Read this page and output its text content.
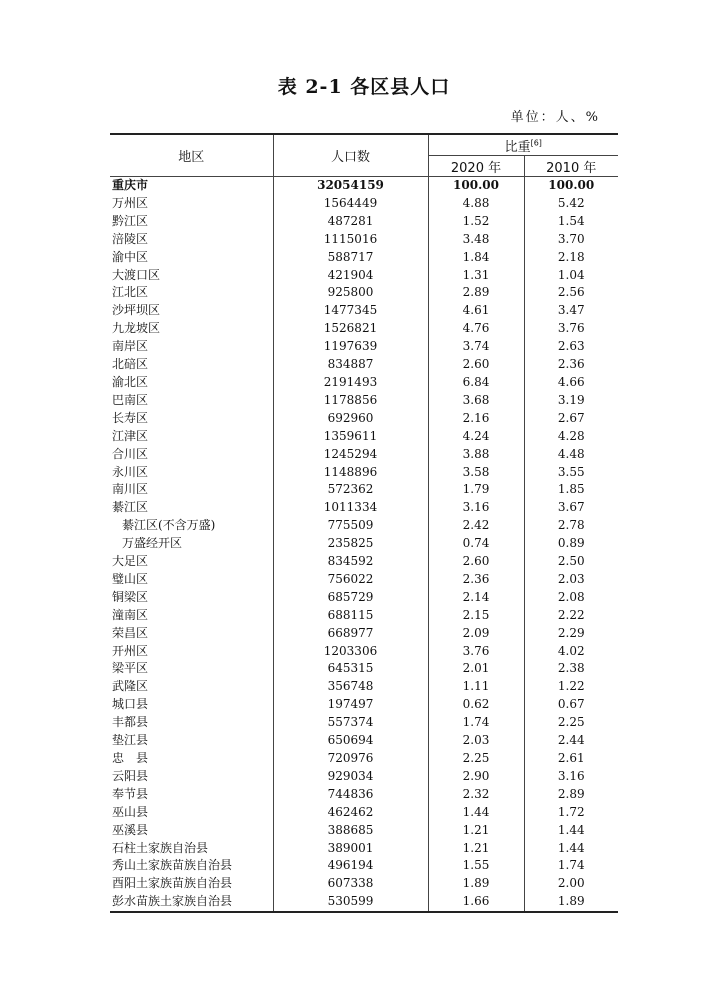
表 2-1 各区县人口
单位：人、%
地区	人口数	比重[6]
		2020 年	2010 年
重庆市	32054159	100.00	100.00
万州区	1564449	4.88	5.42
黔江区	487281	1.52	1.54
涪陵区	1115016	3.48	3.70
渝中区	588717	1.84	2.18
大渡口区	421904	1.31	1.04
江北区	925800	2.89	2.56
沙坪坝区	1477345	4.61	3.47
九龙坡区	1526821	4.76	3.76
南岸区	1197639	3.74	2.63
北碚区	834887	2.60	2.36
渝北区	2191493	6.84	4.66
巴南区	1178856	3.68	3.19
长寿区	692960	2.16	2.67
江津区	1359611	4.24	4.28
合川区	1245294	3.88	4.48
永川区	1148896	3.58	3.55
南川区	572362	1.79	1.85
綦江区	1011334	3.16	3.67
綦江区(不含万盛)	775509	2.42	2.78
万盛经开区	235825	0.74	0.89
大足区	834592	2.60	2.50
璧山区	756022	2.36	2.03
铜梁区	685729	2.14	2.08
潼南区	688115	2.15	2.22
荣昌区	668977	2.09	2.29
开州区	1203306	3.76	4.02
梁平区	645315	2.01	2.38
武隆区	356748	1.11	1.22
城口县	197497	0.62	0.67
丰都县	557374	1.74	2.25
垫江县	650694	2.03	2.44
忠　县	720976	2.25	2.61
云阳县	929034	2.90	3.16
奉节县	744836	2.32	2.89
巫山县	462462	1.44	1.72
巫溪县	388685	1.21	1.44
石柱土家族自治县	389001	1.21	1.44
秀山土家族苗族自治县	496194	1.55	1.74
酉阳土家族苗族自治县	607338	1.89	2.00
彭水苗族土家族自治县	530599	1.66	1.89
